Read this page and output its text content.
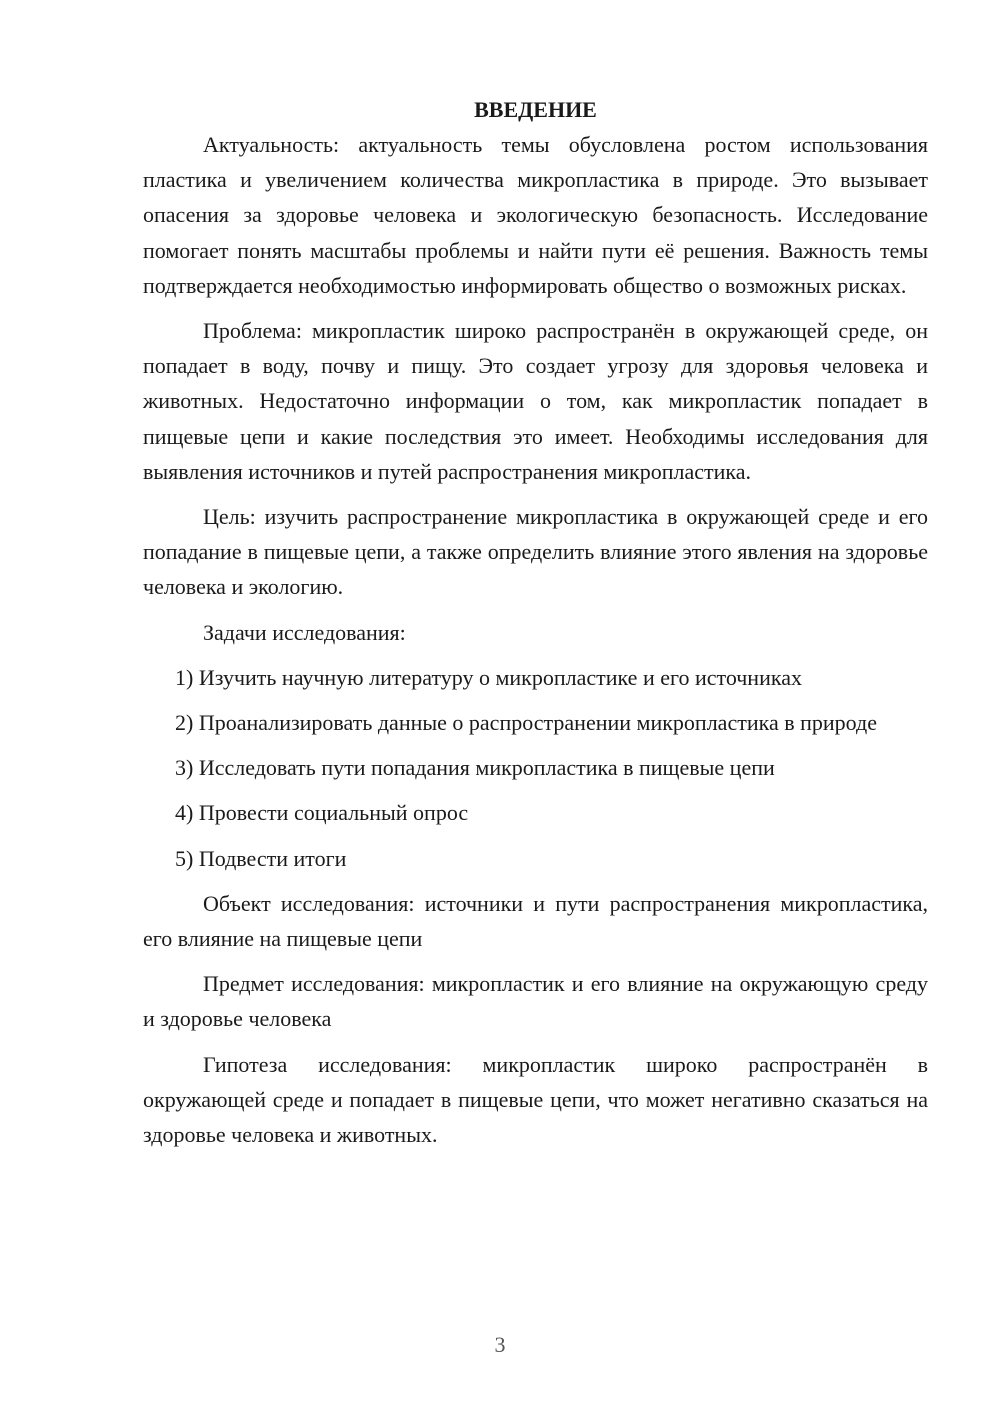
ВВЕДЕНИЕ

Актуальность: актуальность темы обусловлена ростом использования пластика и увеличением количества микропластика в природе. Это вызывает опасения за здоровье человека и экологическую безопасность. Исследование помогает понять масштабы проблемы и найти пути её решения. Важность темы подтверждается необходимостью информировать общество о возможных рисках.

Проблема: микропластик широко распространён в окружающей среде, он попадает в воду, почву и пищу. Это создает угрозу для здоровья человека и животных. Недостаточно информации о том, как микропластик попадает в пищевые цепи и какие последствия это имеет. Необходимы исследования для выявления источников и путей распространения микропластика.

Цель: изучить распространение микропластика в окружающей среде и его попадание в пищевые цепи, а также определить влияние этого явления на здоровье человека и экологию.

Задачи исследования:

1) Изучить научную литературу о микропластике и его источниках

2) Проанализировать данные о распространении микропластика в природе

3) Исследовать пути попадания микропластика в пищевые цепи

4) Провести социальный опрос

5) Подвести итоги

Объект исследования: источники и пути распространения микропластика, его влияние на пищевые цепи

Предмет исследования: микропластик и его влияние на окружающую среду и здоровье человека

Гипотеза исследования: микропластик широко распространён в окружающей среде и попадает в пищевые цепи, что может негативно сказаться на здоровье человека и животных.

3
